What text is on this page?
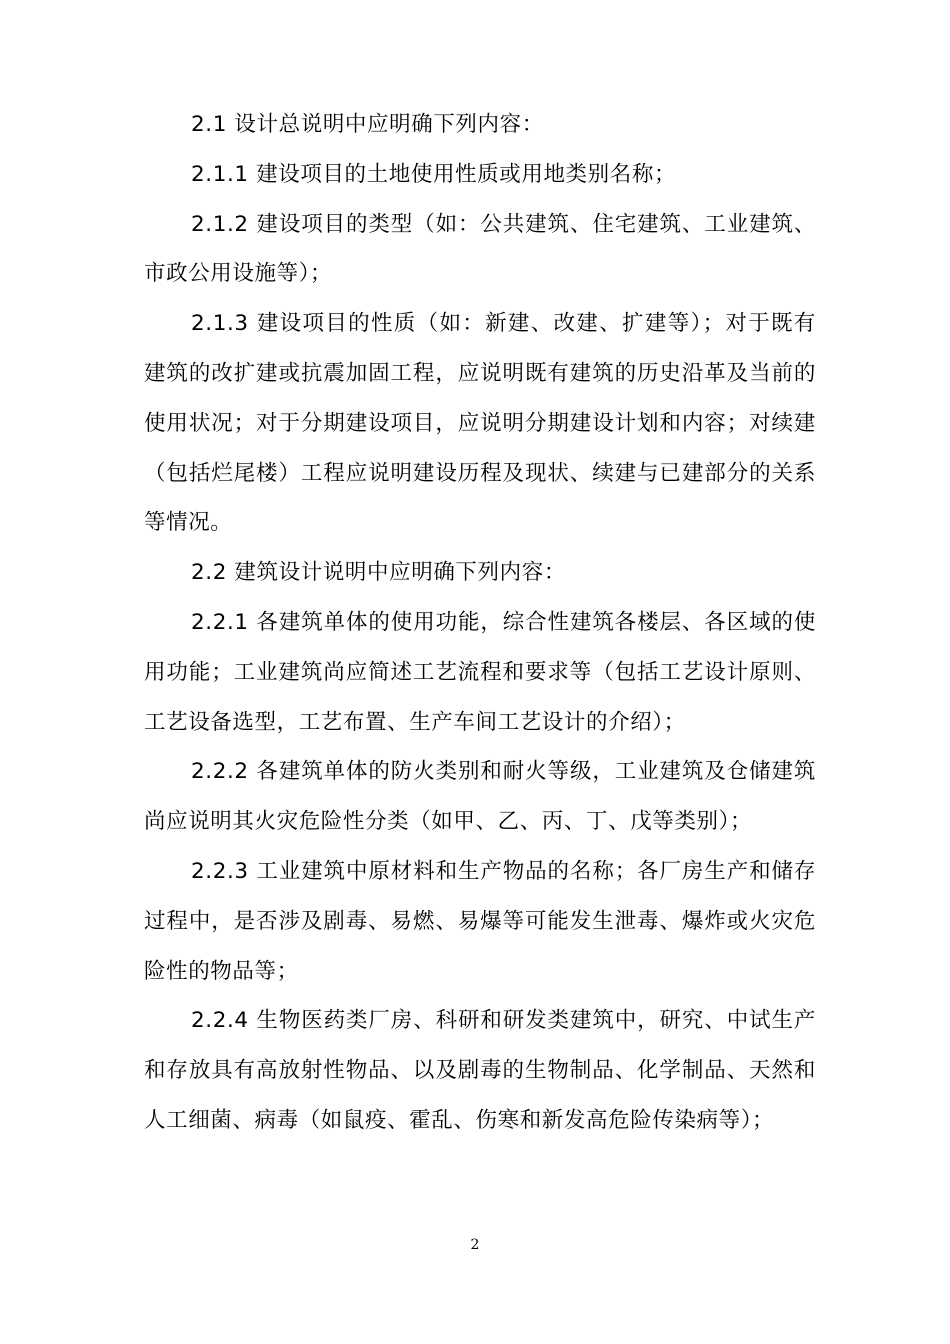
2.1 设计总说明中应明确下列内容：

2.1.1 建设项目的土地使用性质或用地类别名称；

2.1.2 建设项目的类型（如：公共建筑、住宅建筑、工业建筑、市政公用设施等）；

2.1.3 建设项目的性质（如：新建、改建、扩建等）；对于既有建筑的改扩建或抗震加固工程，应说明既有建筑的历史沿革及当前的使用状况；对于分期建设项目，应说明分期建设计划和内容；对续建（包括烂尾楼）工程应说明建设历程及现状、续建与已建部分的关系等情况。

2.2 建筑设计说明中应明确下列内容：

2.2.1 各建筑单体的使用功能，综合性建筑各楼层、各区域的使用功能；工业建筑尚应简述工艺流程和要求等（包括工艺设计原则、工艺设备选型，工艺布置、生产车间工艺设计的介绍）；

2.2.2 各建筑单体的防火类别和耐火等级，工业建筑及仓储建筑尚应说明其火灾危险性分类（如甲、乙、丙、丁、戊等类别）；

2.2.3 工业建筑中原材料和生产物品的名称；各厂房生产和储存过程中，是否涉及剧毒、易燃、易爆等可能发生泄毒、爆炸或火灾危险性的物品等；

2.2.4 生物医药类厂房、科研和研发类建筑中，研究、中试生产和存放具有高放射性物品、以及剧毒的生物制品、化学制品、天然和人工细菌、病毒（如鼠疫、霍乱、伤寒和新发高危险传染病等）；

2
